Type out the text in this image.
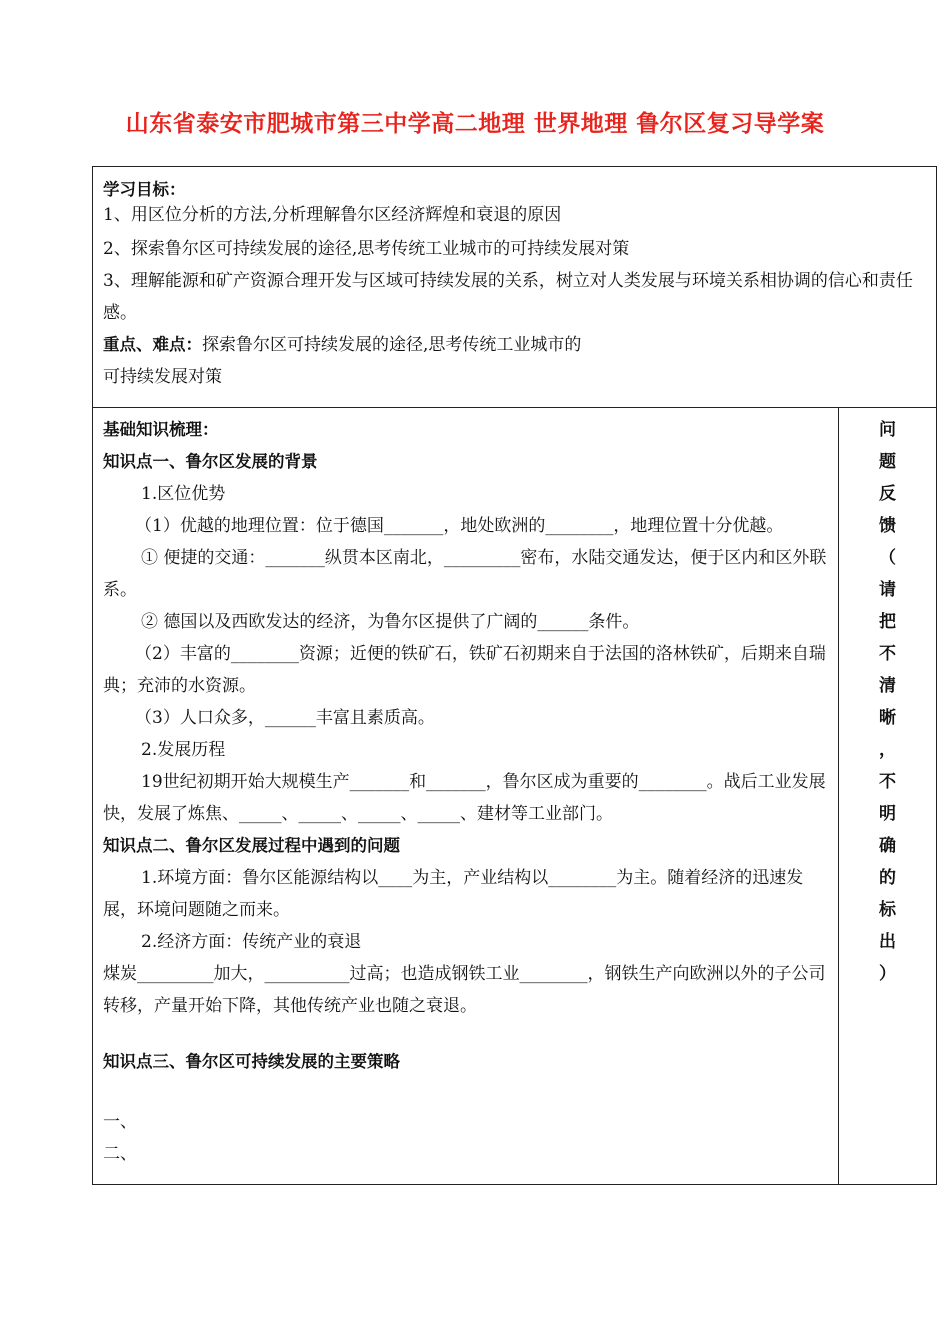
山东省泰安市肥城市第三中学高二地理 世界地理 鲁尔区复习导学案
学习目标：
1、用区位分析的方法,分析理解鲁尔区经济辉煌和衰退的原因
2、探索鲁尔区可持续发展的途径,思考传统工业城市的可持续发展对策
3、理解能源和矿产资源合理开发与区域可持续发展的关系，树立对人类发展与环境关系相协调的信心和责任感。
重点、难点：探索鲁尔区可持续发展的途径,思考传统工业城市的
可持续发展对策

基础知识梳理：
知识点一、鲁尔区发展的背景
1.区位优势
（1）优越的地理位置：位于德国_______，地处欧洲的________，地理位置十分优越。
① 便捷的交通：_______纵贯本区南北，_________密布，水陆交通发达，便于区内和区外联系。
② 德国以及西欧发达的经济，为鲁尔区提供了广阔的______条件。
（2）丰富的________资源；近便的铁矿石，铁矿石初期来自于法国的洛林铁矿，后期来自瑞典；充沛的水资源。
（3）人口众多，______丰富且素质高。
2.发展历程
19世纪初期开始大规模生产_______和_______，鲁尔区成为重要的________。战后工业发展快，发展了炼焦、_____、_____、_____、_____、建材等工业部门。
知识点二、鲁尔区发展过程中遇到的问题
1.环境方面：鲁尔区能源结构以____为主，产业结构以________为主。随着经济的迅速发展，环境问题随之而来。
2.经济方面：传统产业的衰退
煤炭_________加大，__________过高；也造成钢铁工业________，钢铁生产向欧洲以外的子公司转移，产量开始下降，其他传统产业也随之衰退。
知识点三、鲁尔区可持续发展的主要策略
一、
二、

问
题
反
馈
（
请
把
不
清
晰
，
不
明
确
的
标
出
）
